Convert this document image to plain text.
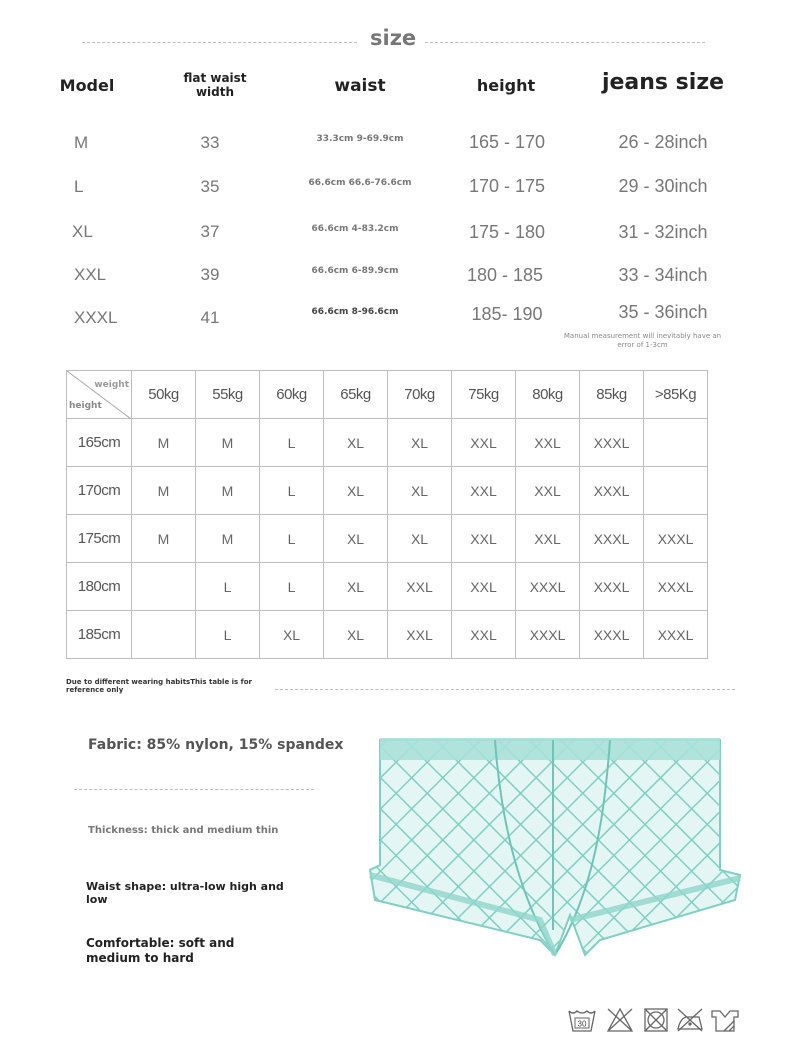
size
Model	flat waist width	waist	height	jeans size
M	33	33.3cm 9-69.9cm	165 - 170	26 - 28inch
L	35	66.6cm 66.6-76.6cm	170 - 175	29 - 30inch
XL	37	66.6cm 4-83.2cm	175 - 180	31 - 32inch
XXL	39	66.6cm 6-89.9cm	180 - 185	33 - 34inch
XXXL	41	66.6cm 8-96.6cm	185- 190	35 - 36inch
Manual measurement will inevitably have an error of 1-3cm
weight
height	50kg	55kg	60kg	65kg	70kg	75kg	80kg	85kg	>85Kg
165cm	M	M	L	XL	XL	XXL	XXL	XXXL	
170cm	M	M	L	XL	XL	XXL	XXL	XXXL	
175cm	M	M	L	XL	XL	XXL	XXL	XXXL	XXXL
180cm		L	L	XL	XXL	XXL	XXXL	XXXL	XXXL
185cm		L	XL	XL	XXL	XXL	XXXL	XXXL	XXXL
Due to different wearing habitsThis table is for reference only
Fabric: 85% nylon, 15% spandex
Thickness: thick and medium thin
Waist shape: ultra-low high and low
Comfortable: soft and medium to hard
30
